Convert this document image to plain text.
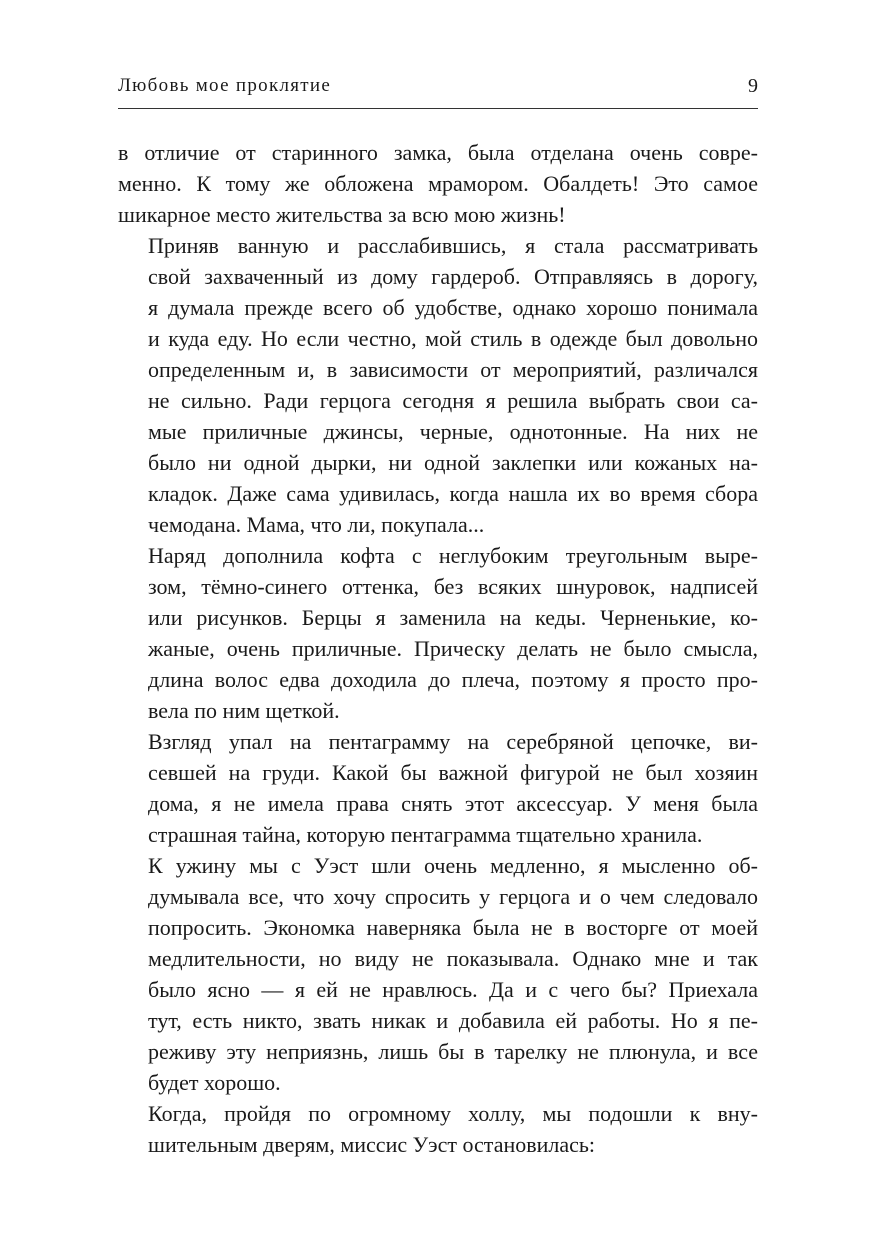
Любовь мое проклятие	9

в отличие от старинного замка, была отделана очень совре-
менно. К тому же обложена мрамором. Обалдеть! Это самое
шикарное место жительства за всю мою жизнь!

Приняв ванную и расслабившись, я стала рассматривать
свой захваченный из дому гардероб. Отправляясь в дорогу,
я думала прежде всего об удобстве, однако хорошо понимала
и куда еду. Но если честно, мой стиль в одежде был довольно
определенным и, в зависимости от мероприятий, различался
не сильно. Ради герцога сегодня я решила выбрать свои са-
мые приличные джинсы, черные, однотонные. На них не
было ни одной дырки, ни одной заклепки или кожаных на-
кладок. Даже сама удивилась, когда нашла их во время сбора
чемодана. Мама, что ли, покупала...

Наряд дополнила кофта с неглубоким треугольным выре-
зом, тёмно-синего оттенка, без всяких шнуровок, надписей
или рисунков. Берцы я заменила на кеды. Черненькие, ко-
жаные, очень приличные. Прическу делать не было смысла,
длина волос едва доходила до плеча, поэтому я просто про-
вела по ним щеткой.

Взгляд упал на пентаграмму на серебряной цепочке, ви-
севшей на груди. Какой бы важной фигурой не был хозяин
дома, я не имела права снять этот аксессуар. У меня была
страшная тайна, которую пентаграмма тщательно хранила.

К ужину мы с Уэст шли очень медленно, я мысленно об-
думывала все, что хочу спросить у герцога и о чем следовало
попросить. Экономка наверняка была не в восторге от моей
медлительности, но виду не показывала. Однако мне и так
было ясно — я ей не нравлюсь. Да и с чего бы? Приехала
тут, есть никто, звать никак и добавила ей работы. Но я пе-
реживу эту неприязнь, лишь бы в тарелку не плюнула, и все
будет хорошо.

Когда, пройдя по огромному холлу, мы подошли к вну-
шительным дверям, миссис Уэст остановилась:
